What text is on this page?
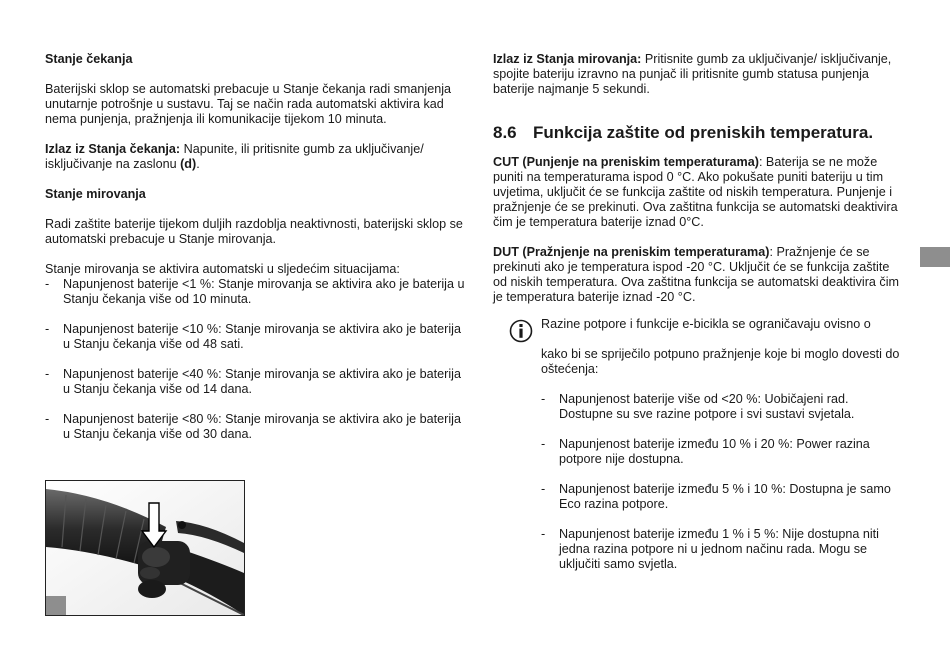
Stanje čekanja

Baterijski sklop se automatski prebacuje u Stanje čekanja radi smanjenja unutarnje potrošnje u sustavu. Taj se način rada automatski aktivira kad nema punjenja, pražnjenja ili komunikacije tijekom 10 minuta.

Izlaz iz Stanja čekanja: Napunite, ili pritisnite gumb za uključivanje/ isključivanje na zaslonu (d).

Stanje mirovanja

Radi zaštite baterije tijekom duljih razdoblja neaktivnosti, baterijski sklop se automatski prebacuje u Stanje mirovanja.

Stanje mirovanja se aktivira automatski u sljedećim situacijama:

- Napunjenost baterije <1 %: Stanje mirovanja se aktivira ako je baterija u Stanju čekanja više od 10 minuta.
- Napunjenost baterije <10 %: Stanje mirovanja se aktivira ako je baterija u Stanju čekanja više od 48 sati.
- Napunjenost baterije <40 %: Stanje mirovanja se aktivira ako je baterija u Stanju čekanja više od 14 dana.
- Napunjenost baterije <80 %: Stanje mirovanja se aktivira ako je baterija u Stanju čekanja više od 30 dana.

Izlaz iz Stanja mirovanja: Pritisnite gumb za uključivanje/ isključivanje, spojite bateriju izravno na punjač ili pritisnite gumb statusa punjenja baterije najmanje 5 sekundi.

8.6 Funkcija zaštite od preniskih temperatura.

CUT (Punjenje na preniskim temperaturama): Baterija se ne može puniti na temperaturama ispod 0 °C. Ako pokušate puniti bateriju u tim uvjetima, uključit će se funkcija zaštite od niskih temperatura. Punjenje i pražnjenje će se prekinuti. Ova zaštitna funkcija se automatski deaktivira čim je temperatura baterije iznad 0°C.

DUT (Pražnjenje na preniskim temperaturama): Pražnjenje će se prekinuti ako je temperatura ispod -20 °C. Uključit će se funkcija zaštite od niskih temperatura. Ova zaštitna funkcija se automatski deaktivira čim je temperatura baterije iznad -20 °C.

Razine potpore i funkcije e-bicikla se ograničavaju ovisno o

kako bi se spriječilo potpuno pražnjenje koje bi moglo dovesti do oštećenja:

- Napunjenost baterije više od <20 %: Uobičajeni rad. Dostupne su sve razine potpore i svi sustavi svjetala.
- Napunjenost baterije između 10 % i 20 %: Power razina potpore nije dostupna.
- Napunjenost baterije između 5 % i 10 %: Dostupna je samo Eco razina potpore.
- Napunjenost baterije između 1 % i 5 %: Nije dostupna niti jedna razina potpore ni u jednom načinu rada. Mogu se uključiti samo svjetla.
